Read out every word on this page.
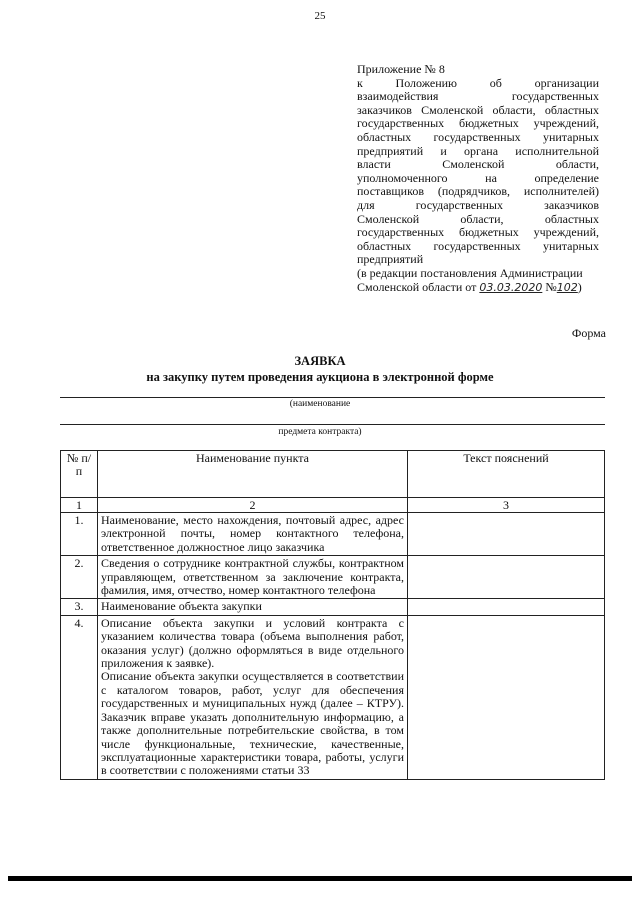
25
Приложение № 8
к Положению об организации
взаимодействия государственных
заказчиков Смоленской области, областных
государственных бюджетных учреждений,
областных государственных унитарных
предприятий и органа исполнительной
власти Смоленской области,
уполномоченного на определение
поставщиков (подрядчиков, исполнителей)
для государственных заказчиков
Смоленской области, областных
государственных бюджетных учреждений,
областных государственных унитарных
предприятий
(в редакции постановления Администрации
Смоленской области от 03.03.2020 №102)
Форма
ЗАЯВКА
на закупку путем проведения аукциона в электронной форме
(наименование
предмета контракта)
№ п/п	Наименование пункта	Текст пояснений
1	2	3
1.	Наименование, место нахождения, почтовый адрес, адрес электронной почты, номер контактного телефона, ответственное должностное лицо заказчика	

2.	Сведения о сотруднике контрактной службы, контрактном управляющем, ответственном за заключение контракта, фамилия, имя, отчество, номер контактного телефона	

3.	Наименование объекта закупки	

4.	Описание объекта закупки и условий контракта с указанием количества товара (объема выполнения работ, оказания услуг) (должно оформляться в виде отдельного приложения к заявке).
Описание объекта закупки осуществляется в соответствии с каталогом товаров, работ, услуг для обеспечения государственных и муниципальных нужд (далее – КТРУ). Заказчик вправе указать дополнительную информацию, а также дополнительные потребительские свойства, в том числе функциональные, технические, качественные, эксплуатационные характеристики товара, работы, услуги в соответствии с положениями статьи 33	
